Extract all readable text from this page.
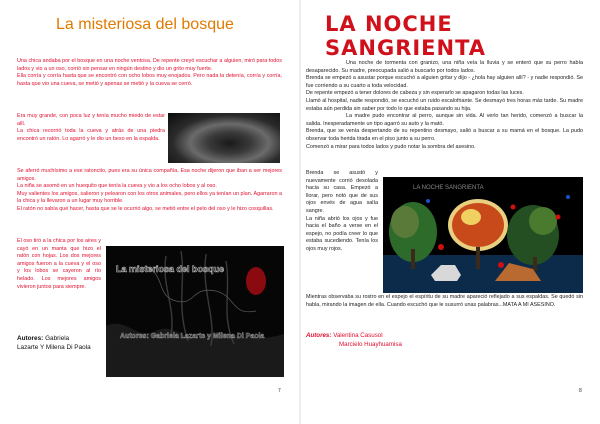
La misteriosa del bosque

Una chica andaba por el bosque en una noche ventosa. De repente creyó escuchar a alguien, miró para todos lados y vio a un oso, corrió sin pensar en ningún destino y dio un grito muy fuerte.

Ella corría y corría hasta que se encontró con ocho lobos muy enojados. Pero nada la detenía, corría y corría, hasta que vio una cueva, se metió y apenas se metió y la cueva se cerró.

Era muy grande, con poca luz y tenía mucho miedo de estar allí.

La chica recorrió toda la cueva y atrás de una piedra encontró un ratón. Lo agarró y le dio un beso en la espalda.

Se aferró muchísimo a ese ratoncito, pues era su única compañía. Esa noche dijeron que iban a ser mejores amigos.

La niña se asomó en un huequito que tenía la cueva y vio a los ocho lobos y al oso.

Muy valientes los amigos, salieron y pelearon con los otros animales, pero ellos ya tenían un plan. Agarraron a la chica y la llevaron a un lugar muy horrible.

El ratón no sabía qué hacer, hasta que se le ocurrió algo, se metió entre el pelo del oso y le hizo cosquillas.

El oso tiró a la chica por los aires y cayó en un manta que hizo el ratón con hojas. Los dos mejores amigos fueron a la cueva y el oso y los lobos se cayeron al río helado. Los mejores amigos vivieron juntos para siempre.

La misteriosa del bosque
Autores: Gabriela Lazarte y Milena Di Paola
Autores: Gabriela
Lazarte Y Milena Di Paola
7
LA NOCHE SANGRIENTA

Una noche de tormenta con granizo, una niña veía la lluvia y se enteró que su perro había desaparecido. Su madre, preocupada salió a buscarlo por todos lados.

Brenda se empezó a asustar porque escuchó a alguien gritar y dijo - ¿hola hay alguien allí? - y nadie respondió. Se fue corriendo a su cuarto a toda velocidad.

De repente empezó a tener dolores de cabeza y sin esperarlo se apagaron todas las luces.

Llamó al hospital, nadie respondió, se escuchó un ruido escalofriante. Se desmayó tres horas más tarde. Su madre estaba aún perdida sin saber por todo lo que estaba pasando su hija.

La madre pudo encontrar al perro, aunque sin vida. Al verlo tan herido, comenzó a buscar la salida. Inesperadamente un tipo agarró su auto y la mató.

Brenda, que se venía despertando de su repentino desmayo, salió a buscar a su mamá en el bosque. La pudo observar toda herida tirada en el piso junto a su perro.

Comenzó a mirar para todos lados y pudo notar la sombra del asesino.

Brenda se asustó y nuevamente corrió desolada hacia su casa. Empezó a llorar, pero notó que de sus ojos envés de agua salía sangre.

La niña abrió los ojos y fue hacia el baño a verse en el espejo, no podía creer lo que estaba sucediendo. Tenía los ojos muy rojos.

LA NOCHE SANGRIENTA

Mientras observaba su rostro en el espejo el espíritu de su madre apareció reflejado a sus espaldas. Se quedó sin habla, mirando la imagen de ella. Cuando escuchó que le susurró unas palabras...MATA A MI ASESINO.

Autores: Valentina Casusol
Marcielo Huayhuamisa
8
